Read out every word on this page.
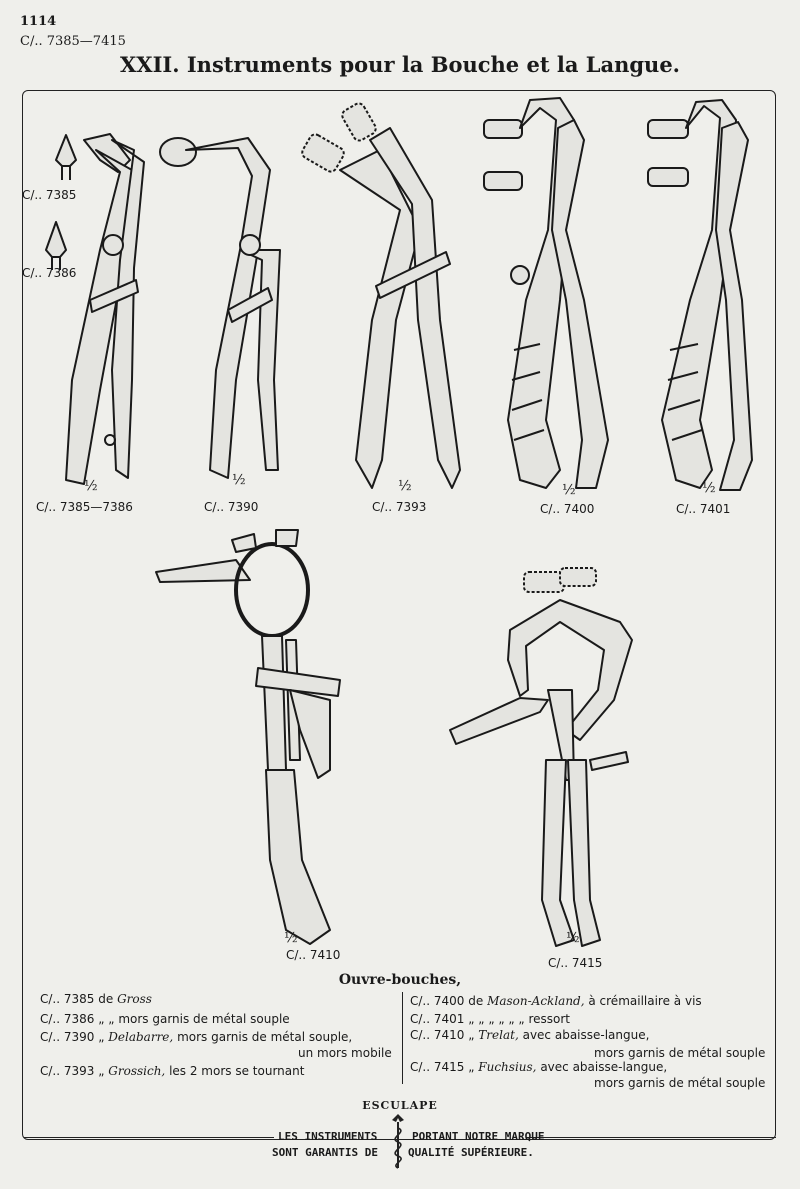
1114
C/.. 7385—7415
XXII. Instruments pour la Bouche et la Langue.
C/.. 7385
C/.. 7386
½
C/.. 7385—7386
½
C/.. 7390
½
C/.. 7393
½
C/.. 7400
½
C/.. 7401
½
C/.. 7410
½
C/.. 7415
Ouvre-bouches,
C/.. 7385 de Gross
C/.. 7386 „ „ mors garnis de métal souple
C/.. 7390 „ Delabarre, mors garnis de métal souple,
un mors mobile
C/.. 7393 „ Grossich, les 2 mors se tournant
C/.. 7400 de Mason-Ackland, à crémaillaire à vis
C/.. 7401 „ „ „ „ „ „ ressort
C/.. 7410 „ Trelat, avec abaisse-langue,
mors garnis de métal souple
C/.. 7415 „ Fuchsius, avec abaisse-langue,
mors garnis de métal souple
ESCULAPE
LES INSTRUMENTS
SONT GARANTIS DE
PORTANT NOTRE MARQUE
QUALITÉ SUPÉRIEURE.
